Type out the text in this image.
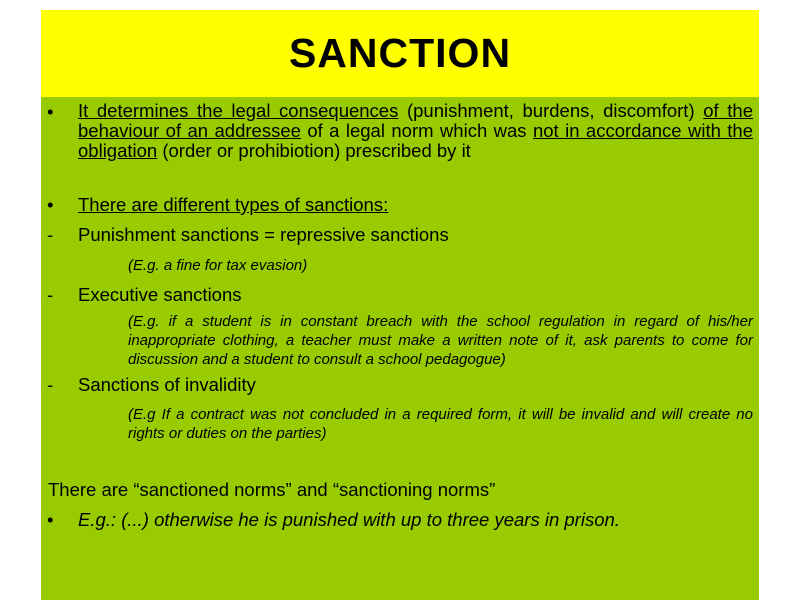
SANCTION
•	It determines the legal consequences (punishment, burdens, discomfort) of the behaviour of an addressee of a legal norm which was not in accordance with the obligation (order or prohibiotion) prescribed by it
•	There are different types of sanctions:
-	Punishment sanctions = repressive sanctions
(E.g. a fine for tax evasion)
-	Executive sanctions
(E.g. if a student is in constant breach with the school regulation in regard of his/her inappropriate clothing, a teacher must make a written note of it, ask parents to come for discussion and a student to consult a school pedagogue)
-	Sanctions of invalidity
(E.g If a contract was not concluded in a required form, it will be invalid and will create no rights or duties on the parties)
There are “sanctioned norms” and “sanctioning norms”
•	E.g.: (...) otherwise he is punished with up to three years in prison.
